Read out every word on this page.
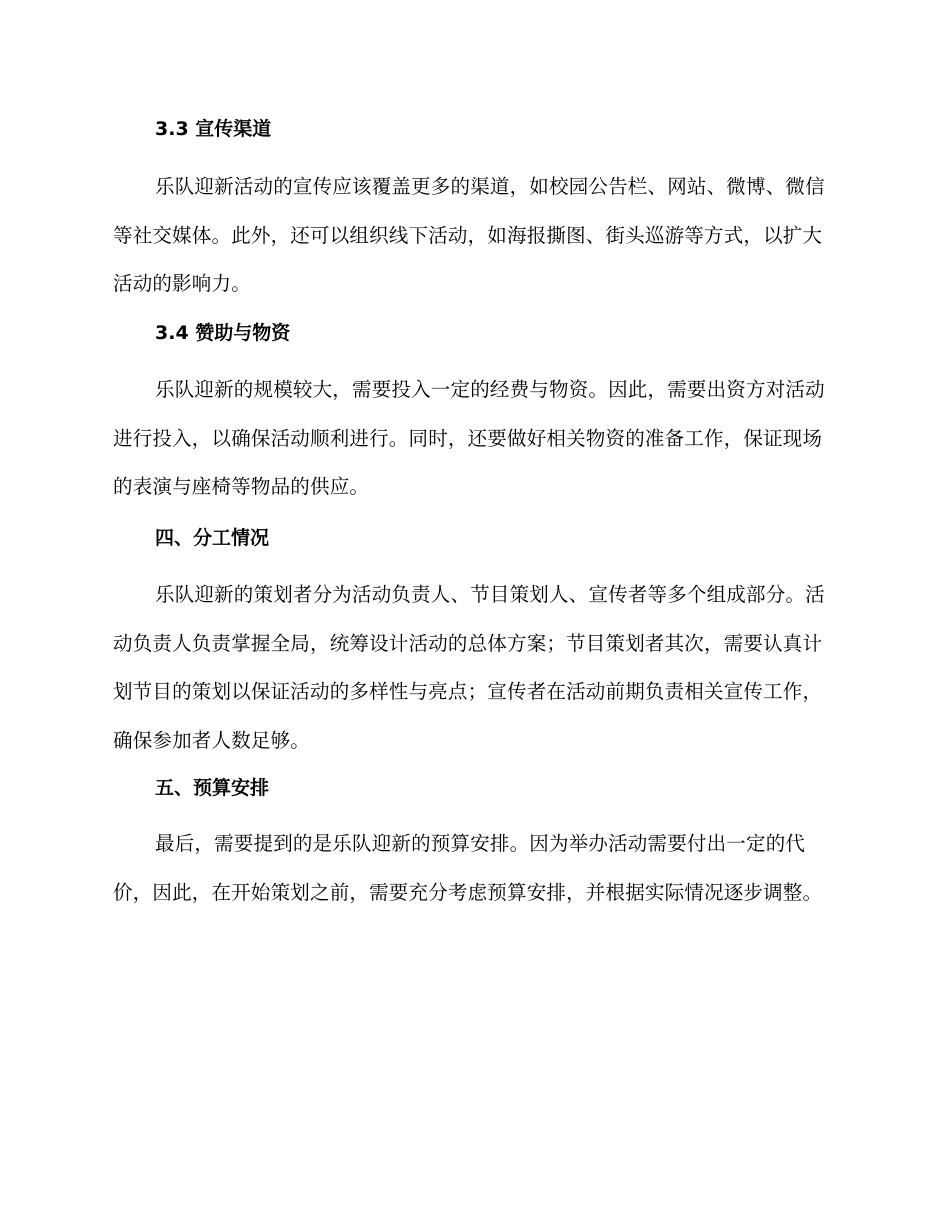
3.3 宣传渠道
乐队迎新活动的宣传应该覆盖更多的渠道，如校园公告栏、网站、微博、微信等社交媒体。此外，还可以组织线下活动，如海报撕图、街头巡游等方式，以扩大活动的影响力。
3.4 赞助与物资
乐队迎新的规模较大，需要投入一定的经费与物资。因此，需要出资方对活动进行投入，以确保活动顺利进行。同时，还要做好相关物资的准备工作，保证现场的表演与座椅等物品的供应。
四、分工情况
乐队迎新的策划者分为活动负责人、节目策划人、宣传者等多个组成部分。活动负责人负责掌握全局，统筹设计活动的总体方案；节目策划者其次，需要认真计划节目的策划以保证活动的多样性与亮点；宣传者在活动前期负责相关宣传工作，确保参加者人数足够。
五、预算安排
最后，需要提到的是乐队迎新的预算安排。因为举办活动需要付出一定的代价，因此，在开始策划之前，需要充分考虑预算安排，并根据实际情况逐步调整。
